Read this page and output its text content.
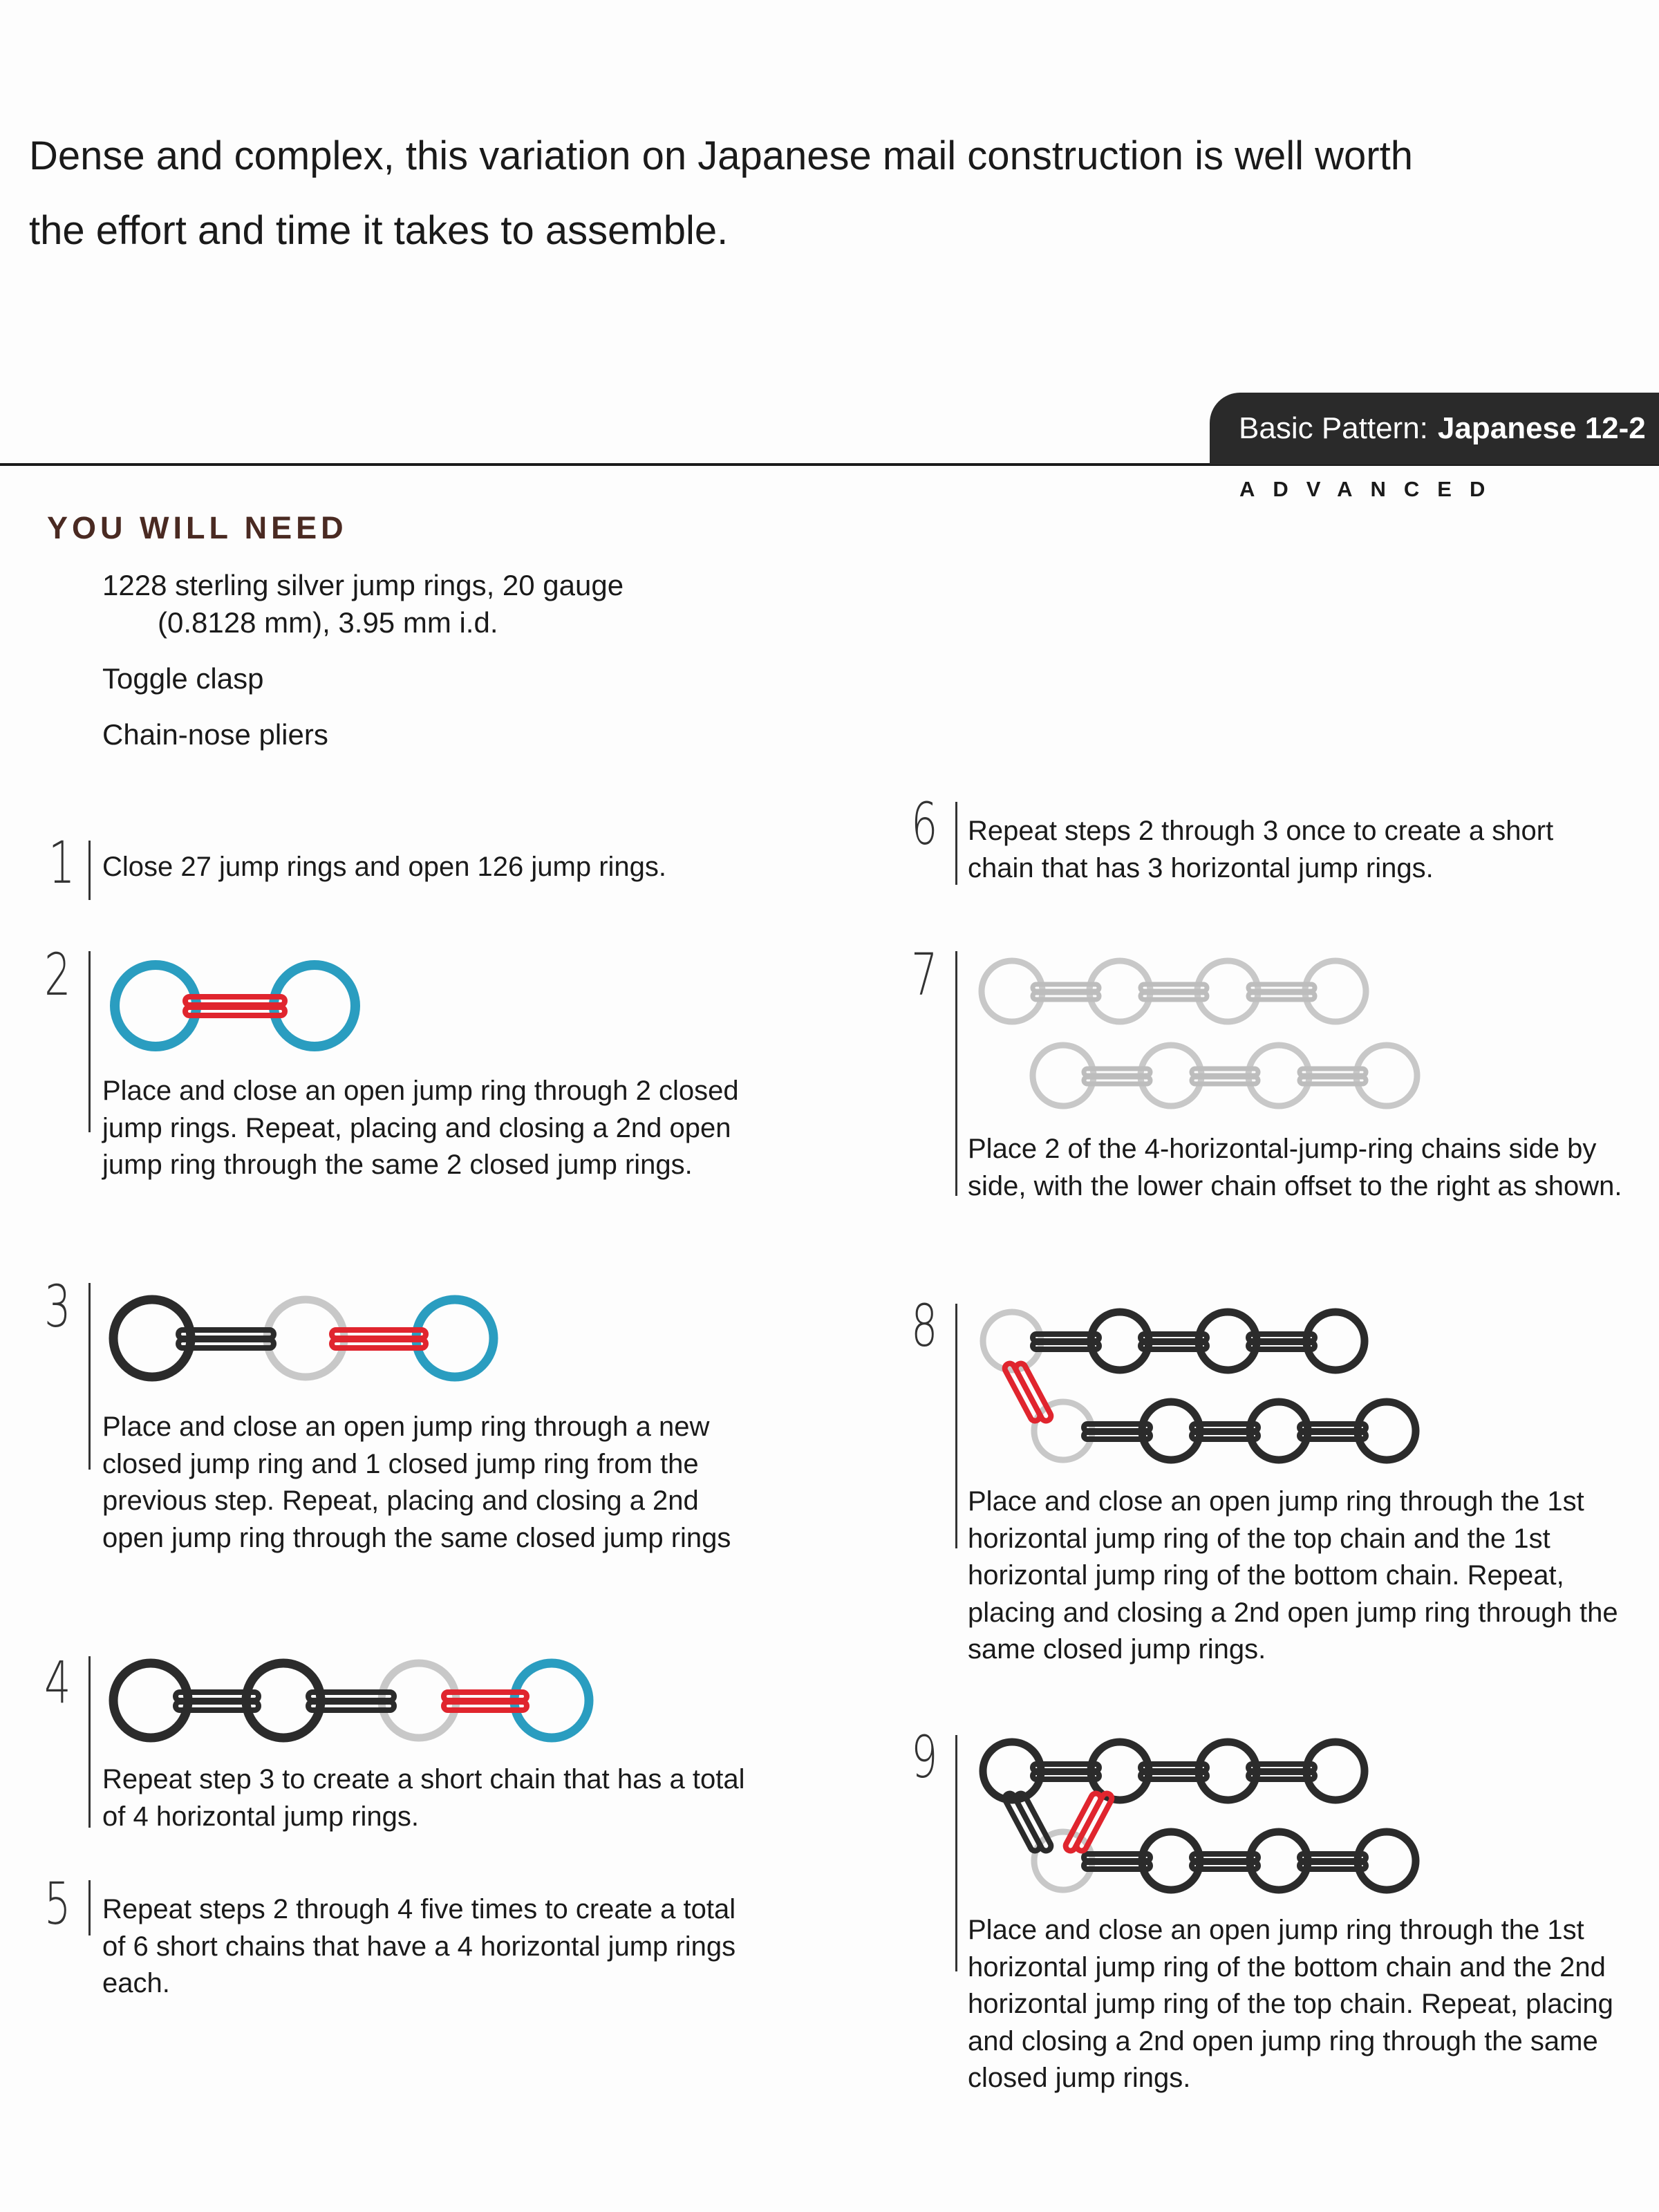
Dense and complex, this variation on Japanese mail construction is well worth the effort and time it takes to assemble.
Basic Pattern: Japanese 12-2
ADVANCED
YOU WILL NEED
1228 sterling silver jump rings, 20 gauge
(0.8128 mm), 3.95 mm i.d.
Toggle clasp
Chain-nose pliers
1 Close 27 jump rings and open 126 jump rings.
2
Place and close an open jump ring through 2 closed jump rings. Repeat, placing and closing a 2nd open jump ring through the same 2 closed jump rings.
3
Place and close an open jump ring through a new closed jump ring and 1 closed jump ring from the previous step. Repeat, placing and closing a 2nd open jump ring through the same closed jump rings
4
Repeat step 3 to create a short chain that has a total of 4 horizontal jump rings.
5 Repeat steps 2 through 4 five times to create a total of 6 short chains that have a 4 horizontal jump rings each.
6 Repeat steps 2 through 3 once to create a short chain that has 3 horizontal jump rings.
7
Place 2 of the 4-horizontal-jump-ring chains side by side, with the lower chain offset to the right as shown.
8
Place and close an open jump ring through the 1st horizontal jump ring of the top chain and the 1st horizontal jump ring of the bottom chain. Repeat, placing and closing a 2nd open jump ring through the same closed jump rings.
9
Place and close an open jump ring through the 1st horizontal jump ring of the bottom chain and the 2nd horizontal jump ring of the top chain. Repeat, placing and closing a 2nd open jump ring through the same closed jump rings.
